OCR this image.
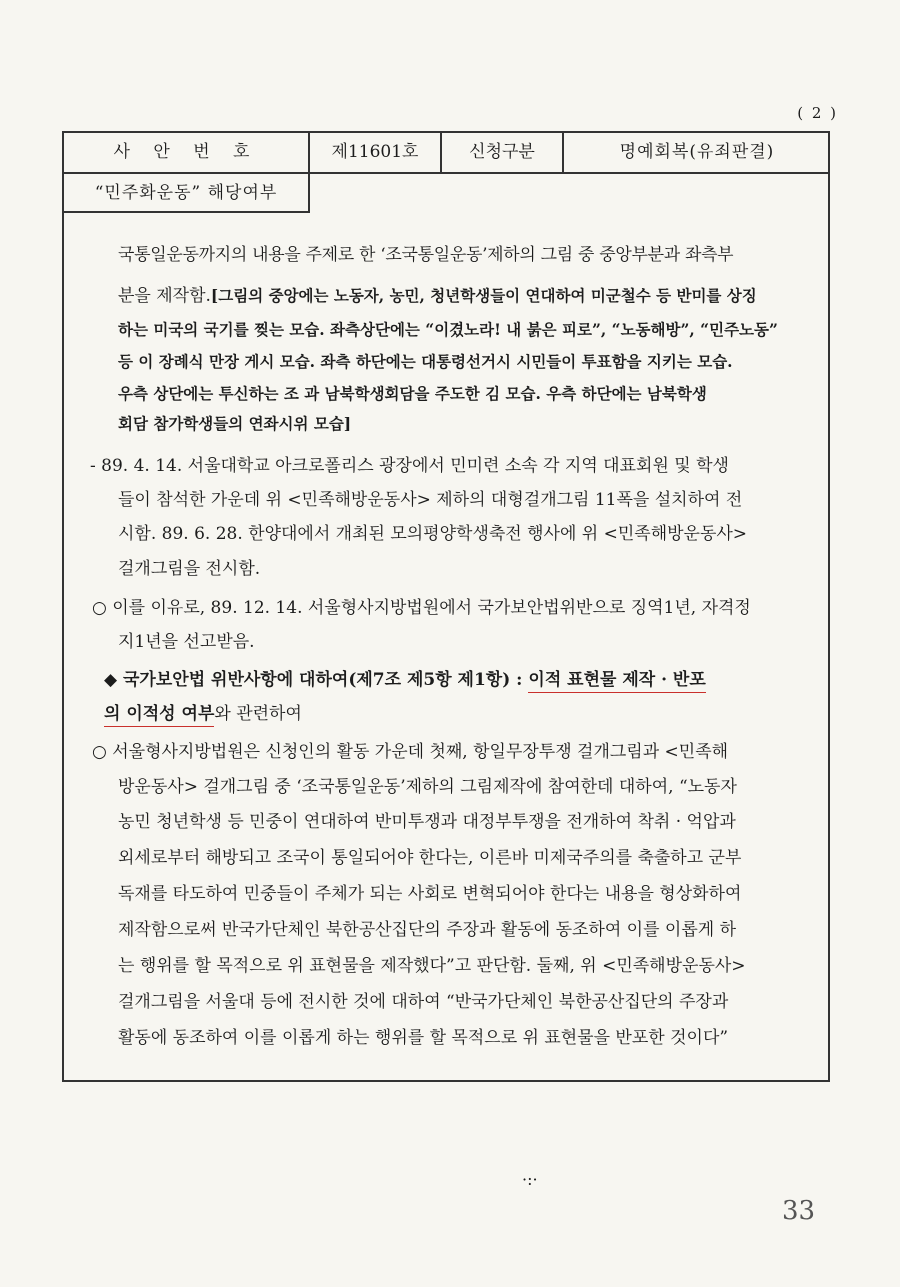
( 2 )
사 안 번 호	제11601호	신청구분	명예회복(유죄판결)
“민주화운동” 해당여부
국통일운동까지의 내용을 주제로 한 ‘조국통일운동’제하의 그림 중 중앙부분과 좌측부
분을 제작함.[그림의 중앙에는 노동자, 농민, 청년학생들이 연대하여 미군철수 등 반미를 상징
하는 미국의 국기를 찢는 모습. 좌측상단에는 “이겼노라! 내 붉은 피로”, “노동해방”, “민주노동”
등 이 장례식 만장 게시 모습. 좌측 하단에는 대통령선거시 시민들이 투표함을 지키는 모습.
우측 상단에는 투신하는 조 과 남북학생회담을 주도한 김 모습. 우측 하단에는 남북학생
회담 참가학생들의 연좌시위 모습]
- 89. 4. 14. 서울대학교 아크로폴리스 광장에서 민미련 소속 각 지역 대표회원 및 학생
들이 참석한 가운데 위 <민족해방운동사> 제하의 대형걸개그림 11폭을 설치하여 전
시함. 89. 6. 28. 한양대에서 개최된 모의평양학생축전 행사에 위 <민족해방운동사>
걸개그림을 전시함.
○ 이를 이유로, 89. 12. 14. 서울형사지방법원에서 국가보안법위반으로 징역1년, 자격정
지1년을 선고받음.
◆ 국가보안법 위반사항에 대하여(제7조 제5항 제1항) : 이적 표현물 제작 · 반포
의 이적성 여부와 관련하여
○ 서울형사지방법원은 신청인의 활동 가운데 첫째, 항일무장투쟁 걸개그림과 <민족해
방운동사> 걸개그림 중 ‘조국통일운동’제하의 그림제작에 참여한데 대하여, “노동자
농민 청년학생 등 민중이 연대하여 반미투쟁과 대정부투쟁을 전개하여 착취 · 억압과
외세로부터 해방되고 조국이 통일되어야 한다는, 이른바 미제국주의를 축출하고 군부
독재를 타도하여 민중들이 주체가 되는 사회로 변혁되어야 한다는 내용을 형상화하여
제작함으로써 반국가단체인 북한공산집단의 주장과 활동에 동조하여 이를 이롭게 하
는 행위를 할 목적으로 위 표현물을 제작했다”고 판단함. 둘째, 위 <민족해방운동사>
걸개그림을 서울대 등에 전시한 것에 대하여 “반국가단체인 북한공산집단의 주장과
활동에 동조하여 이를 이롭게 하는 행위를 할 목적으로 위 표현물을 반포한 것이다”
·:·
33
